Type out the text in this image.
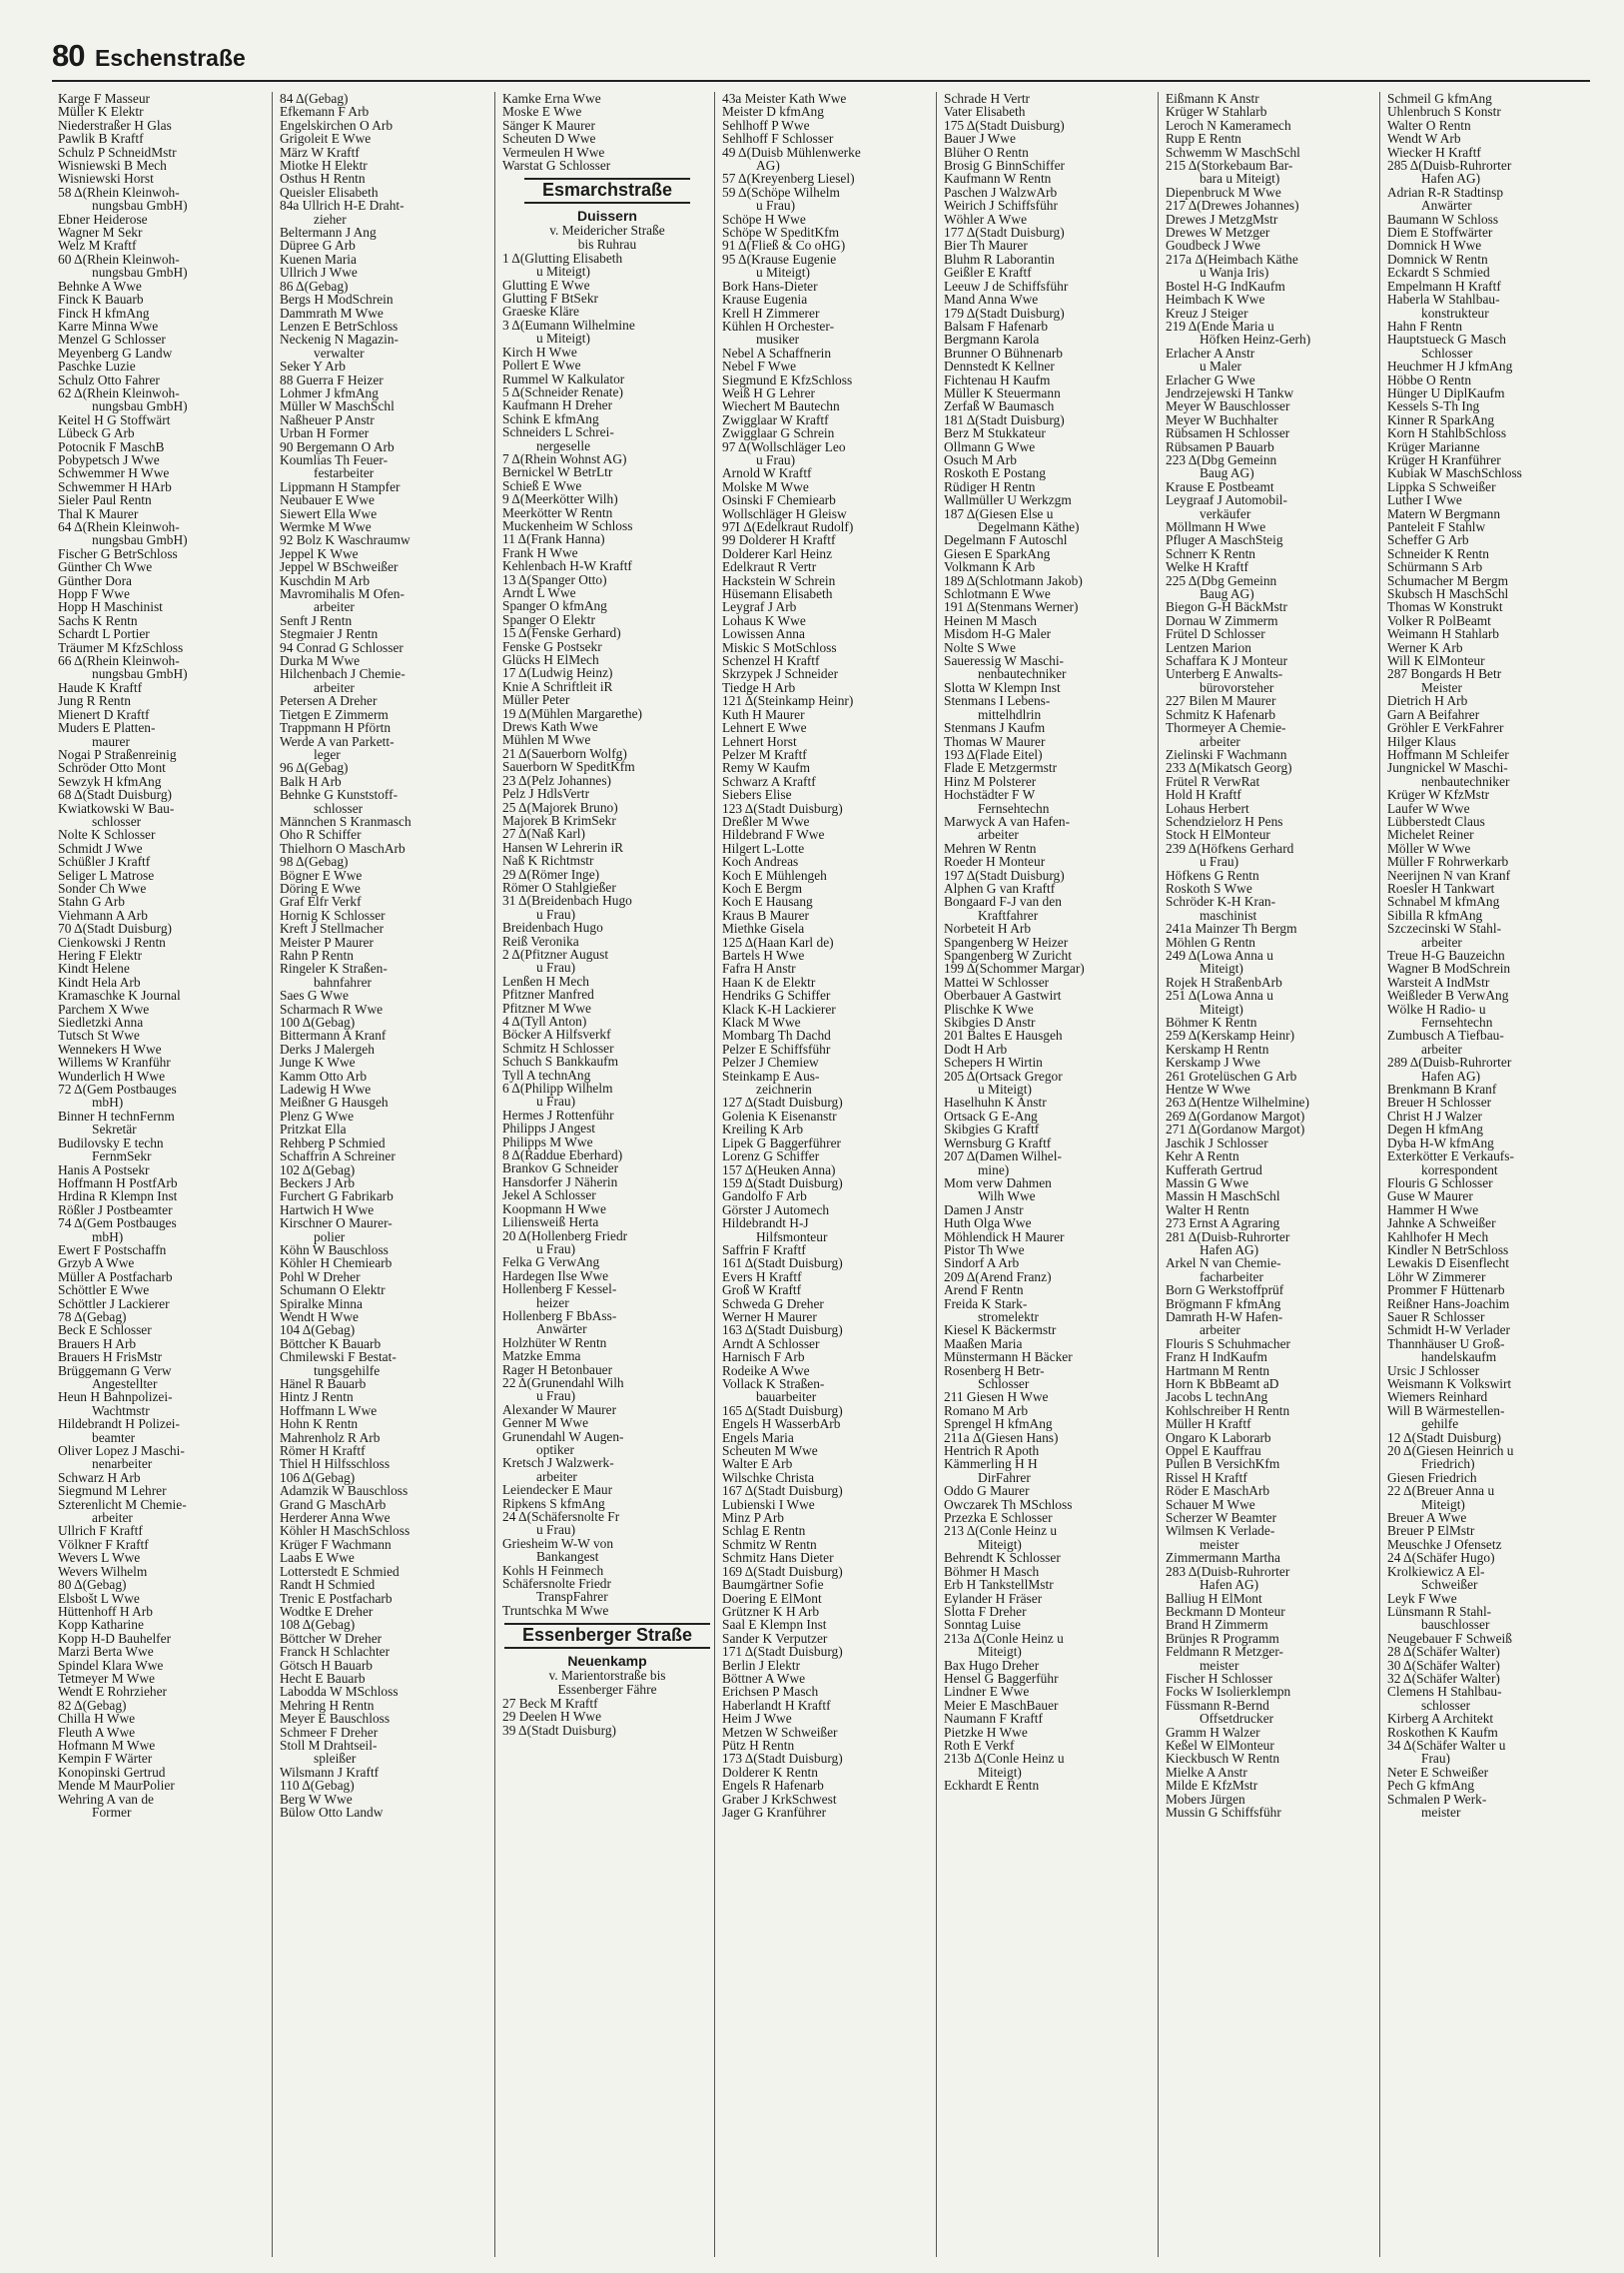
80 Eschenstraße
Karge F Masseur
Müller K Elektr
Niederstraßer H Glas
Pawlik B Kraftf
Schulz P SchneidMstr
Wisniewski B Mech
Wisniewski Horst
58 Δ(Rhein Kleinwoh-
nungsbau GmbH)
Ebner Heiderose
Wagner M Sekr
Welz M Kraftf
60 Δ(Rhein Kleinwoh-
nungsbau GmbH)
Behnke A Wwe
Finck K Bauarb
Finck H kfmAng
Karre Minna Wwe
Menzel G Schlosser
Meyenberg G Landw
Paschke Luzie
Schulz Otto Fahrer
62 Δ(Rhein Kleinwoh-
nungsbau GmbH)
Keitel H G Stoffwärt
Lübeck G Arb
Potocnik F MaschB
Pobypetsch J Wwe
Schwemmer H Wwe
Schwemmer H HArb
Sieler Paul Rentn
Thal K Maurer
64 Δ(Rhein Kleinwoh-
nungsbau GmbH)
Fischer G BetrSchloss
Günther Ch Wwe
Günther Dora
Hopp F Wwe
Hopp H Maschinist
Sachs K Rentn
Schardt L Portier
Träumer M KfzSchloss
66 Δ(Rhein Kleinwoh-
nungsbau GmbH)
Haude K Kraftf
Jung R Rentn
Mienert D Kraftf
Muders E Platten-
maurer
Nogai P Straßenreinig
Schröder Otto Mont
Sewzyk H kfmAng
68 Δ(Stadt Duisburg)
Kwiatkowski W Bau-
schlosser
Nolte K Schlosser
Schmidt J Wwe
Schüßler J Kraftf
Seliger L Matrose
Sonder Ch Wwe
Stahn G Arb
Viehmann A Arb
70 Δ(Stadt Duisburg)
Cienkowski J Rentn
Hering F Elektr
Kindt Helene
Kindt Hela Arb
Kramaschke K Journal
Parchem X Wwe
Siedletzki Anna
Tutsch St Wwe
Wennekers H Wwe
Willems W Kranführ
Wunderlich H Wwe
72 Δ(Gem Postbauges
mbH)
Binner H technFernm
Sekretär
Budilovsky E techn
FernmSekr
Hanis A Postsekr
Hoffmann H PostfArb
Hrdina R Klempn Inst
Rößler J Postbeamter
74 Δ(Gem Postbauges
mbH)
Ewert F Postschaffn
Grzyb A Wwe
Müller A Postfacharb
Schöttler E Wwe
Schöttler J Lackierer
78 Δ(Gebag)
Beck E Schlosser
Brauers H Arb
Brauers H FrisMstr
Brüggemann G Verw
Angestellter
Heun H Bahnpolizei-
Wachtmstr
Hildebrandt H Polizei-
beamter
Oliver Lopez J Maschi-
nenarbeiter
Schwarz H Arb
Siegmund M Lehrer
Szterenlicht M Chemie-
arbeiter
Ullrich F Kraftf
Völkner F Kraftf
Wevers L Wwe
Wevers Wilhelm
80 Δ(Gebag)
Elsbošt L Wwe
Hüttenhoff H Arb
Kopp Katharine
Kopp H-D Bauhelfer
Marzi Berta Wwe
Spindel Klara Wwe
Tetmeyer M Wwe
Wendt E Rohrzieher
82 Δ(Gebag)
Chilla H Wwe
Fleuth A Wwe
Hofmann M Wwe
Kempin F Wärter
Konopinski Gertrud
Mende M MaurPolier
Wehring A van de
Former
84 Δ(Gebag)
Efkemann F Arb
Engelskirchen O Arb
Grigoleit E Wwe
März W Kraftf
Miotke H Elektr
Osthus H Rentn
Queisler Elisabeth
84a Ullrich H-E Draht-
zieher
Beltermann J Ang
Düpree G Arb
Kuenen Maria
Ullrich J Wwe
86 Δ(Gebag)
Bergs H ModSchrein
Dammrath M Wwe
Lenzen E BetrSchloss
Neckenig N Magazin-
verwalter
Seker Y Arb
88 Guerra F Heizer
Lohmer J kfmAng
Müller W MaschSchl
Naßheuer P Anstr
Urban H Former
90 Bergemann O Arb
Koumlias Th Feuer-
festarbeiter
Lippmann H Stampfer
Neubauer E Wwe
Siewert Ella Wwe
Wermke M Wwe
92 Bolz K Waschraumw
Jeppel K Wwe
Jeppel W BSchweißer
Kuschdin M Arb
Mavromihalis M Ofen-
arbeiter
Senft J Rentn
Stegmaier J Rentn
94 Conrad G Schlosser
Durka M Wwe
Hilchenbach J Chemie-
arbeiter
Petersen A Dreher
Tietgen E Zimmerm
Trappmann H Pförtn
Werde A van Parkett-
leger
96 Δ(Gebag)
Balk H Arb
Behnke G Kunststoff-
schlosser
Männchen S Kranmasch
Oho R Schiffer
Thielhorn O MaschArb
98 Δ(Gebag)
Bögner E Wwe
Döring E Wwe
Graf Elfr Verkf
Hornig K Schlosser
Kreft J Stellmacher
Meister P Maurer
Rahn P Rentn
Ringeler K Straßen-
bahnfahrer
Saes G Wwe
Scharmach R Wwe
100 Δ(Gebag)
Bittermann A Kranf
Derks J Malergeh
Junge K Wwe
Kamm Otto Arb
Ladewig H Wwe
Meißner G Hausgeh
Plenz G Wwe
Pritzkat Ella
Rehberg P Schmied
Schaffrin A Schreiner
102 Δ(Gebag)
Beckers J Arb
Furchert G Fabrikarb
Hartwich H Wwe
Kirschner O Maurer-
polier
Köhn W Bauschloss
Köhler H Chemiearb
Pohl W Dreher
Schumann O Elektr
Spiralke Minna
Wendt H Wwe
104 Δ(Gebag)
Böttcher K Bauarb
Chmilewski F Bestat-
tungsgehilfe
Hänel R Bauarb
Hintz J Rentn
Hoffmann L Wwe
Hohn K Rentn
Mahrenholz R Arb
Römer H Kraftf
Thiel H Hilfsschloss
106 Δ(Gebag)
Adamzik W Bauschloss
Grand G MaschArb
Herderer Anna Wwe
Köhler H MaschSchloss
Krüger F Wachmann
Laabs E Wwe
Lotterstedt E Schmied
Randt H Schmied
Trenic E Postfacharb
Wodtke E Dreher
108 Δ(Gebag)
Böttcher W Dreher
Franck H Schlachter
Götsch H Bauarb
Hecht E Bauarb
Labodda W MSchloss
Mehring H Rentn
Meyer E Bauschloss
Schmeer F Dreher
Stoll M Drahtseil-
spleißer
Wilsmann J Kraftf
110 Δ(Gebag)
Berg W Wwe
Bülow Otto Landw
Kamke Erna Wwe
Moske E Wwe
Sänger K Maurer
Scheuten D Wwe
Vermeulen H Wwe
Warstat G Schlosser
Esmarchstraße
Duissern
v. Meidericher Straße
bis Ruhrau
1 Δ(Glutting Elisabeth
u Miteigt)
Glutting E Wwe
Glutting F BtSekr
Graeske Kläre
3 Δ(Eumann Wilhelmine
u Miteigt)
Kirch H Wwe
Pollert E Wwe
Rummel W Kalkulator
5 Δ(Schneider Renate)
Kaufmann H Dreher
Schink E kfmAng
Schneiders L Schrei-
nergeselle
7 Δ(Rhein Wohnst AG)
Bernickel W BetrLtr
Schieß E Wwe
9 Δ(Meerkötter Wilh)
Meerkötter W Rentn
Muckenheim W Schloss
11 Δ(Frank Hanna)
Frank H Wwe
Kehlenbach H-W Kraftf
13 Δ(Spanger Otto)
Arndt L Wwe
Spanger O kfmAng
Spanger O Elektr
15 Δ(Fenske Gerhard)
Fenske G Postsekr
Glücks H ElMech
17 Δ(Ludwig Heinz)
Knie A Schriftleit iR
Müller Peter
19 Δ(Mühlen Margarethe)
Drews Kath Wwe
Mühlen M Wwe
21 Δ(Sauerborn Wolfg)
Sauerborn W SpeditKfm
23 Δ(Pelz Johannes)
Pelz J HdlsVertr
25 Δ(Majorek Bruno)
Majorek B KrimSekr
27 Δ(Naß Karl)
Hansen W Lehrerin iR
Naß K Richtmstr
29 Δ(Römer Inge)
Römer O Stahlgießer
31 Δ(Breidenbach Hugo
u Frau)
Breidenbach Hugo
Reiß Veronika
2 Δ(Pfitzner August
u Frau)
Lenßen H Mech
Pfitzner Manfred
Pfitzner M Wwe
4 Δ(Tyll Anton)
Böcker A Hilfsverkf
Schmitz H Schlosser
Schuch S Bankkaufm
Tyll A technAng
6 Δ(Philipp Wilhelm
u Frau)
Hermes J Rottenführ
Philipps J Angest
Philipps M Wwe
8 Δ(Raddue Eberhard)
Brankov G Schneider
Hansdorfer J Näherin
Jekel A Schlosser
Koopmann H Wwe
Liliensweiß Herta
20 Δ(Hollenberg Friedr
u Frau)
Felka G VerwAng
Hardegen Ilse Wwe
Hollenberg F Kessel-
heizer
Hollenberg F BbAss-
Anwärter
Holzhüter W Rentn
Matzke Emma
Rager H Betonbauer
22 Δ(Grunendahl Wilh
u Frau)
Alexander W Maurer
Genner M Wwe
Grunendahl W Augen-
optiker
Kretsch J Walzwerk-
arbeiter
Leiendecker E Maur
Ripkens S kfmAng
24 Δ(Schäfersnolte Fr
u Frau)
Griesheim W-W von
Bankangest
Kohls H Feinmech
Schäfersnolte Friedr
TranspFahrer
Truntschka M Wwe
Essenberger Straße
Neuenkamp
v. Marientorstraße bis
Essenberger Fähre
27 Beck M Kraftf
29 Deelen H Wwe
39 Δ(Stadt Duisburg)
43a Meister Kath Wwe
Meister D kfmAng
Sehlhoff P Wwe
Sehlhoff F Schlosser
49 Δ(Duisb Mühlenwerke
AG)
57 Δ(Kreyenberg Liesel)
59 Δ(Schöpe Wilhelm
u Frau)
Schöpe H Wwe
Schöpe W SpeditKfm
91 Δ(Fließ & Co oHG)
95 Δ(Krause Eugenie
u Miteigt)
Bork Hans-Dieter
Krause Eugenia
Krell H Zimmerer
Kühlen H Orchester-
musiker
Nebel A Schaffnerin
Nebel F Wwe
Siegmund E KfzSchloss
Weiß H G Lehrer
Wiechert M Bautechn
Zwigglaar W Kraftf
Zwigglaar G Schrein
97 Δ(Wollschläger Leo
u Frau)
Arnold W Kraftf
Molske M Wwe
Osinski F Chemiearb
Wollschläger H Gleisw
97I Δ(Edelkraut Rudolf)
99 Dolderer H Kraftf
Dolderer Karl Heinz
Edelkraut R Vertr
Hackstein W Schrein
Hüsemann Elisabeth
Leygraf J Arb
Lohaus K Wwe
Lowissen Anna
Miskic S MotSchloss
Schenzel H Kraftf
Skrzypek J Schneider
Tiedge H Arb
121 Δ(Steinkamp Heinr)
Kuth H Maurer
Lehnert E Wwe
Lehnert Horst
Pelzer M Kraftf
Remy W Kaufm
Schwarz A Kraftf
Siebers Elise
123 Δ(Stadt Duisburg)
Dreßler M Wwe
Hildebrand F Wwe
Hilgert L-Lotte
Koch Andreas
Koch E Mühlengeh
Koch E Bergm
Koch E Hausang
Kraus B Maurer
Miethke Gisela
125 Δ(Haan Karl de)
Bartels H Wwe
Fafra H Anstr
Haan K de Elektr
Hendriks G Schiffer
Klack K-H Lackierer
Klack M Wwe
Mombarg Th Dachd
Pelzer E Schiffsführ
Pelzer J Chemiew
Steinkamp E Aus-
zeichnerin
127 Δ(Stadt Duisburg)
Golenia K Eisenanstr
Kreiling K Arb
Lipek G Baggerführer
Lorenz G Schiffer
157 Δ(Heuken Anna)
159 Δ(Stadt Duisburg)
Gandolfo F Arb
Görster J Automech
Hildebrandt H-J
Hilfsmonteur
Saffrin F Kraftf
161 Δ(Stadt Duisburg)
Evers H Kraftf
Groß W Kraftf
Schweda G Dreher
Werner H Maurer
163 Δ(Stadt Duisburg)
Arndt A Schlosser
Harnisch F Arb
Rodeike A Wwe
Vollack K Straßen-
bauarbeiter
165 Δ(Stadt Duisburg)
Engels H WasserbArb
Engels Maria
Scheuten M Wwe
Walter E Arb
Wilschke Christa
167 Δ(Stadt Duisburg)
Lubienski I Wwe
Minz P Arb
Schlag E Rentn
Schmitz W Rentn
Schmitz Hans Dieter
169 Δ(Stadt Duisburg)
Baumgärtner Sofie
Doering E ElMont
Grützner K H Arb
Saal E Klempn Inst
Sander K Verputzer
171 Δ(Stadt Duisburg)
Berlin J Elektr
Böttner A Wwe
Erichsen P Masch
Haberlandt H Kraftf
Heim J Wwe
Metzen W Schweißer
Pütz H Rentn
173 Δ(Stadt Duisburg)
Dolderer K Rentn
Engels R Hafenarb
Graber J KrkSchwest
Jager G Kranführer
Schrade H Vertr
Vater Elisabeth
175 Δ(Stadt Duisburg)
Bauer J Wwe
Blüher O Rentn
Brosig G BinnSchiffer
Kaufmann W Rentn
Paschen J WalzwArb
Weirich J Schiffsführ
Wöhler A Wwe
177 Δ(Stadt Duisburg)
Bier Th Maurer
Bluhm R Laborantin
Geißler E Kraftf
Leeuw J de Schiffsführ
Mand Anna Wwe
179 Δ(Stadt Duisburg)
Balsam F Hafenarb
Bergmann Karola
Brunner O Bühnenarb
Dennstedt K Kellner
Fichtenau H Kaufm
Müller K Steuermann
Zerfaß W Baumasch
181 Δ(Stadt Duisburg)
Berz M Stukkateur
Ollmann G Wwe
Osuch M Arb
Roskoth E Postang
Rüdiger H Rentn
Wallmüller U Werkzgm
187 Δ(Giesen Else u
Degelmann Käthe)
Degelmann F Autoschl
Giesen E SparkAng
Volkmann K Arb
189 Δ(Schlotmann Jakob)
Schlotmann E Wwe
191 Δ(Stenmans Werner)
Heinen M Masch
Misdom H-G Maler
Nolte S Wwe
Saueressig W Maschi-
nenbautechniker
Slotta W Klempn Inst
Stenmans I Lebens-
mittelhdlrin
Stenmans J Kaufm
Thomas W Maurer
193 Δ(Flade Eitel)
Flade E Metzgermstr
Hinz M Polsterer
Hochstädter F W
Fernsehtechn
Marwyck A van Hafen-
arbeiter
Mehren W Rentn
Roeder H Monteur
197 Δ(Stadt Duisburg)
Alphen G van Kraftf
Bongaard F-J van den
Kraftfahrer
Norbeteit H Arb
Spangenberg W Heizer
Spangenberg W Zuricht
199 Δ(Schommer Margar)
Mattei W Schlosser
Oberbauer A Gastwirt
Plischke K Wwe
Skibgies D Anstr
201 Baltes E Hausgeh
Dodt H Arb
Schepers H Wirtin
205 Δ(Ortsack Gregor
u Miteigt)
Haselhuhn K Anstr
Ortsack G E-Ang
Skibgies G Kraftf
Wernsburg G Kraftf
207 Δ(Damen Wilhel-
mine)
Mom verw Dahmen
Wilh Wwe
Damen J Anstr
Huth Olga Wwe
Möhlendick H Maurer
Pistor Th Wwe
Sindorf A Arb
209 Δ(Arend Franz)
Arend F Rentn
Freida K Stark-
stromelektr
Kiesel K Bäckermstr
Maaßen Maria
Münstermann H Bäcker
Rosenberg H Betr-
Schlosser
211 Giesen H Wwe
Romano M Arb
Sprengel H kfmAng
211a Δ(Giesen Hans)
Hentrich R Apoth
Kämmerling H H
DirFahrer
Oddo G Maurer
Owczarek Th MSchloss
Przezka E Schlosser
213 Δ(Conle Heinz u
Miteigt)
Behrendt K Schlosser
Böhmer H Masch
Erb H TankstellMstr
Eylander H Fräser
Slotta F Dreher
Sonntag Luise
213a Δ(Conle Heinz u
Miteigt)
Bax Hugo Dreher
Hensel G Baggerführ
Lindner E Wwe
Meier E MaschBauer
Naumann F Kraftf
Pietzke H Wwe
Roth E Verkf
213b Δ(Conle Heinz u
Miteigt)
Eckhardt E Rentn
Eißmann K Anstr
Krüger W Stahlarb
Leroch N Kameramech
Rupp E Rentn
Schwemm W MaschSchl
215 Δ(Storkebaum Bar-
bara u Miteigt)
Diepenbruck M Wwe
217 Δ(Drewes Johannes)
Drewes J MetzgMstr
Drewes W Metzger
Goudbeck J Wwe
217a Δ(Heimbach Käthe
u Wanja Iris)
Bostel H-G IndKaufm
Heimbach K Wwe
Kreuz J Steiger
219 Δ(Ende Maria u
Höfken Heinz-Gerh)
Erlacher A Anstr
u Maler
Erlacher G Wwe
Jendrzejewski H Tankw
Meyer W Bauschlosser
Meyer W Buchhalter
Rübsamen H Schlosser
Rübsamen P Bauarb
223 Δ(Dbg Gemeinn
Baug AG)
Krause E Postbeamt
Leygraaf J Automobil-
verkäufer
Möllmann H Wwe
Pfluger A MaschSteig
Schnerr K Rentn
Welke H Kraftf
225 Δ(Dbg Gemeinn
Baug AG)
Biegon G-H BäckMstr
Dornau W Zimmerm
Frütel D Schlosser
Lentzen Marion
Schaffara K J Monteur
Unterberg E Anwalts-
bürovorsteher
227 Bilen M Maurer
Schmitz K Hafenarb
Thormeyer A Chemie-
arbeiter
Zielinski F Wachmann
233 Δ(Mikatsch Georg)
Frütel R VerwRat
Hold H Kraftf
Lohaus Herbert
Schendzielorz H Pens
Stock H ElMonteur
239 Δ(Höfkens Gerhard
u Frau)
Höfkens G Rentn
Roskoth S Wwe
Schröder K-H Kran-
maschinist
241a Mainzer Th Bergm
Möhlen G Rentn
249 Δ(Lowa Anna u
Miteigt)
Rojek H StraßenbArb
251 Δ(Lowa Anna u
Miteigt)
Böhmer K Rentn
259 Δ(Kerskamp Heinr)
Kerskamp H Rentn
Kerskamp J Wwe
261 Grotelüschen G Arb
Hentze W Wwe
263 Δ(Hentze Wilhelmine)
269 Δ(Gordanow Margot)
271 Δ(Gordanow Margot)
Jaschik J Schlosser
Kehr A Rentn
Kufferath Gertrud
Massin G Wwe
Massin H MaschSchl
Walter H Rentn
273 Ernst A Agraring
281 Δ(Duisb-Ruhrorter
Hafen AG)
Arkel N van Chemie-
facharbeiter
Born G Werkstoffprüf
Brögmann F kfmAng
Damrath H-W Hafen-
arbeiter
Flouris S Schuhmacher
Franz H IndKaufm
Hartmann M Rentn
Horn K BbBeamt aD
Jacobs L technAng
Kohlschreiber H Rentn
Müller H Kraftf
Ongaro K Laborarb
Oppel E Kauffrau
Pullen B VersichKfm
Rissel H Kraftf
Röder E MaschArb
Schauer M Wwe
Scherzer W Beamter
Wilmsen K Verlade-
meister
Zimmermann Martha
283 Δ(Duisb-Ruhrorter
Hafen AG)
Balliug H ElMont
Beckmann D Monteur
Brand H Zimmerm
Brünjes R Programm
Feldmann R Metzger-
meister
Fischer H Schlosser
Focks W Isolierklempn
Füssmann R-Bernd
Offsetdrucker
Gramm H Walzer
Keßel W ElMonteur
Kieckbusch W Rentn
Mielke A Anstr
Milde E KfzMstr
Mobers Jürgen
Mussin G Schiffsführ
Schmeil G kfmAng
Uhlenbruch S Konstr
Walter O Rentn
Wendt W Arb
Wiecker H Kraftf
285 Δ(Duisb-Ruhrorter
Hafen AG)
Adrian R-R Stadtinsp
Anwärter
Baumann W Schloss
Diem E Stoffwärter
Domnick H Wwe
Domnick W Rentn
Eckardt S Schmied
Empelmann H Kraftf
Haberla W Stahlbau-
konstrukteur
Hahn F Rentn
Hauptstueck G Masch
Schlosser
Heuchmer H J kfmAng
Höbbe O Rentn
Hünger U DiplKaufm
Kessels S-Th Ing
Kinner R SparkAng
Korn H StahlbSchloss
Krüger Marianne
Krüger H Kranführer
Kubiak W MaschSchloss
Lippka S Schweißer
Luther I Wwe
Matern W Bergmann
Panteleit F Stahlw
Scheffer G Arb
Schneider K Rentn
Schürmann S Arb
Schumacher M Bergm
Skubsch H MaschSchl
Thomas W Konstrukt
Volker R PolBeamt
Weimann H Stahlarb
Werner K Arb
Will K ElMonteur
287 Bongards H Betr
Meister
Dietrich H Arb
Garn A Beifahrer
Gröhler E VerkFahrer
Hilger Klaus
Hoffmann M Schleifer
Jungnickel W Maschi-
nenbautechniker
Krüger W KfzMstr
Laufer W Wwe
Lübberstedt Claus
Michelet Reiner
Möller W Wwe
Müller F Rohrwerkarb
Neerijnen N van Kranf
Roesler H Tankwart
Schnabel M kfmAng
Sibilla R kfmAng
Szczecinski W Stahl-
arbeiter
Treue H-G Bauzeichn
Wagner B ModSchrein
Warsteit A IndMstr
Weißleder B VerwAng
Wölke H Radio- u
Fernsehtechn
Zumbusch A Tiefbau-
arbeiter
289 Δ(Duisb-Ruhrorter
Hafen AG)
Brenkmann B Kranf
Breuer H Schlosser
Christ H J Walzer
Degen H kfmAng
Dyba H-W kfmAng
Exterkötter E Verkaufs-
korrespondent
Flouris G Schlosser
Guse W Maurer
Hammer H Wwe
Jahnke A Schweißer
Kahlhofer H Mech
Kindler N BetrSchloss
Lewakis D Eisenflecht
Löhr W Zimmerer
Prommer F Hüttenarb
Reißner Hans-Joachim
Sauer R Schlosser
Schmidt H-W Verlader
Thannhäuser U Groß-
handelskaufm
Ursic J Schlosser
Weismann K Volkswirt
Wiemers Reinhard
Will B Wärmestellen-
gehilfe
12 Δ(Stadt Duisburg)
20 Δ(Giesen Heinrich u
Friedrich)
Giesen Friedrich
22 Δ(Breuer Anna u
Miteigt)
Breuer A Wwe
Breuer P ElMstr
Meuschke J Ofensetz
24 Δ(Schäfer Hugo)
Krolkiewicz A El-
Schweißer
Leyk F Wwe
Lünsmann R Stahl-
bauschlosser
Neugebauer F Schweiß
28 Δ(Schäfer Walter)
30 Δ(Schäfer Walter)
32 Δ(Schäfer Walter)
Clemens H Stahlbau-
schlosser
Kirberg A Architekt
Roskothen K Kaufm
34 Δ(Schäfer Walter u
Frau)
Neter E Schweißer
Pech G kfmAng
Schmalen P Werk-
meister
